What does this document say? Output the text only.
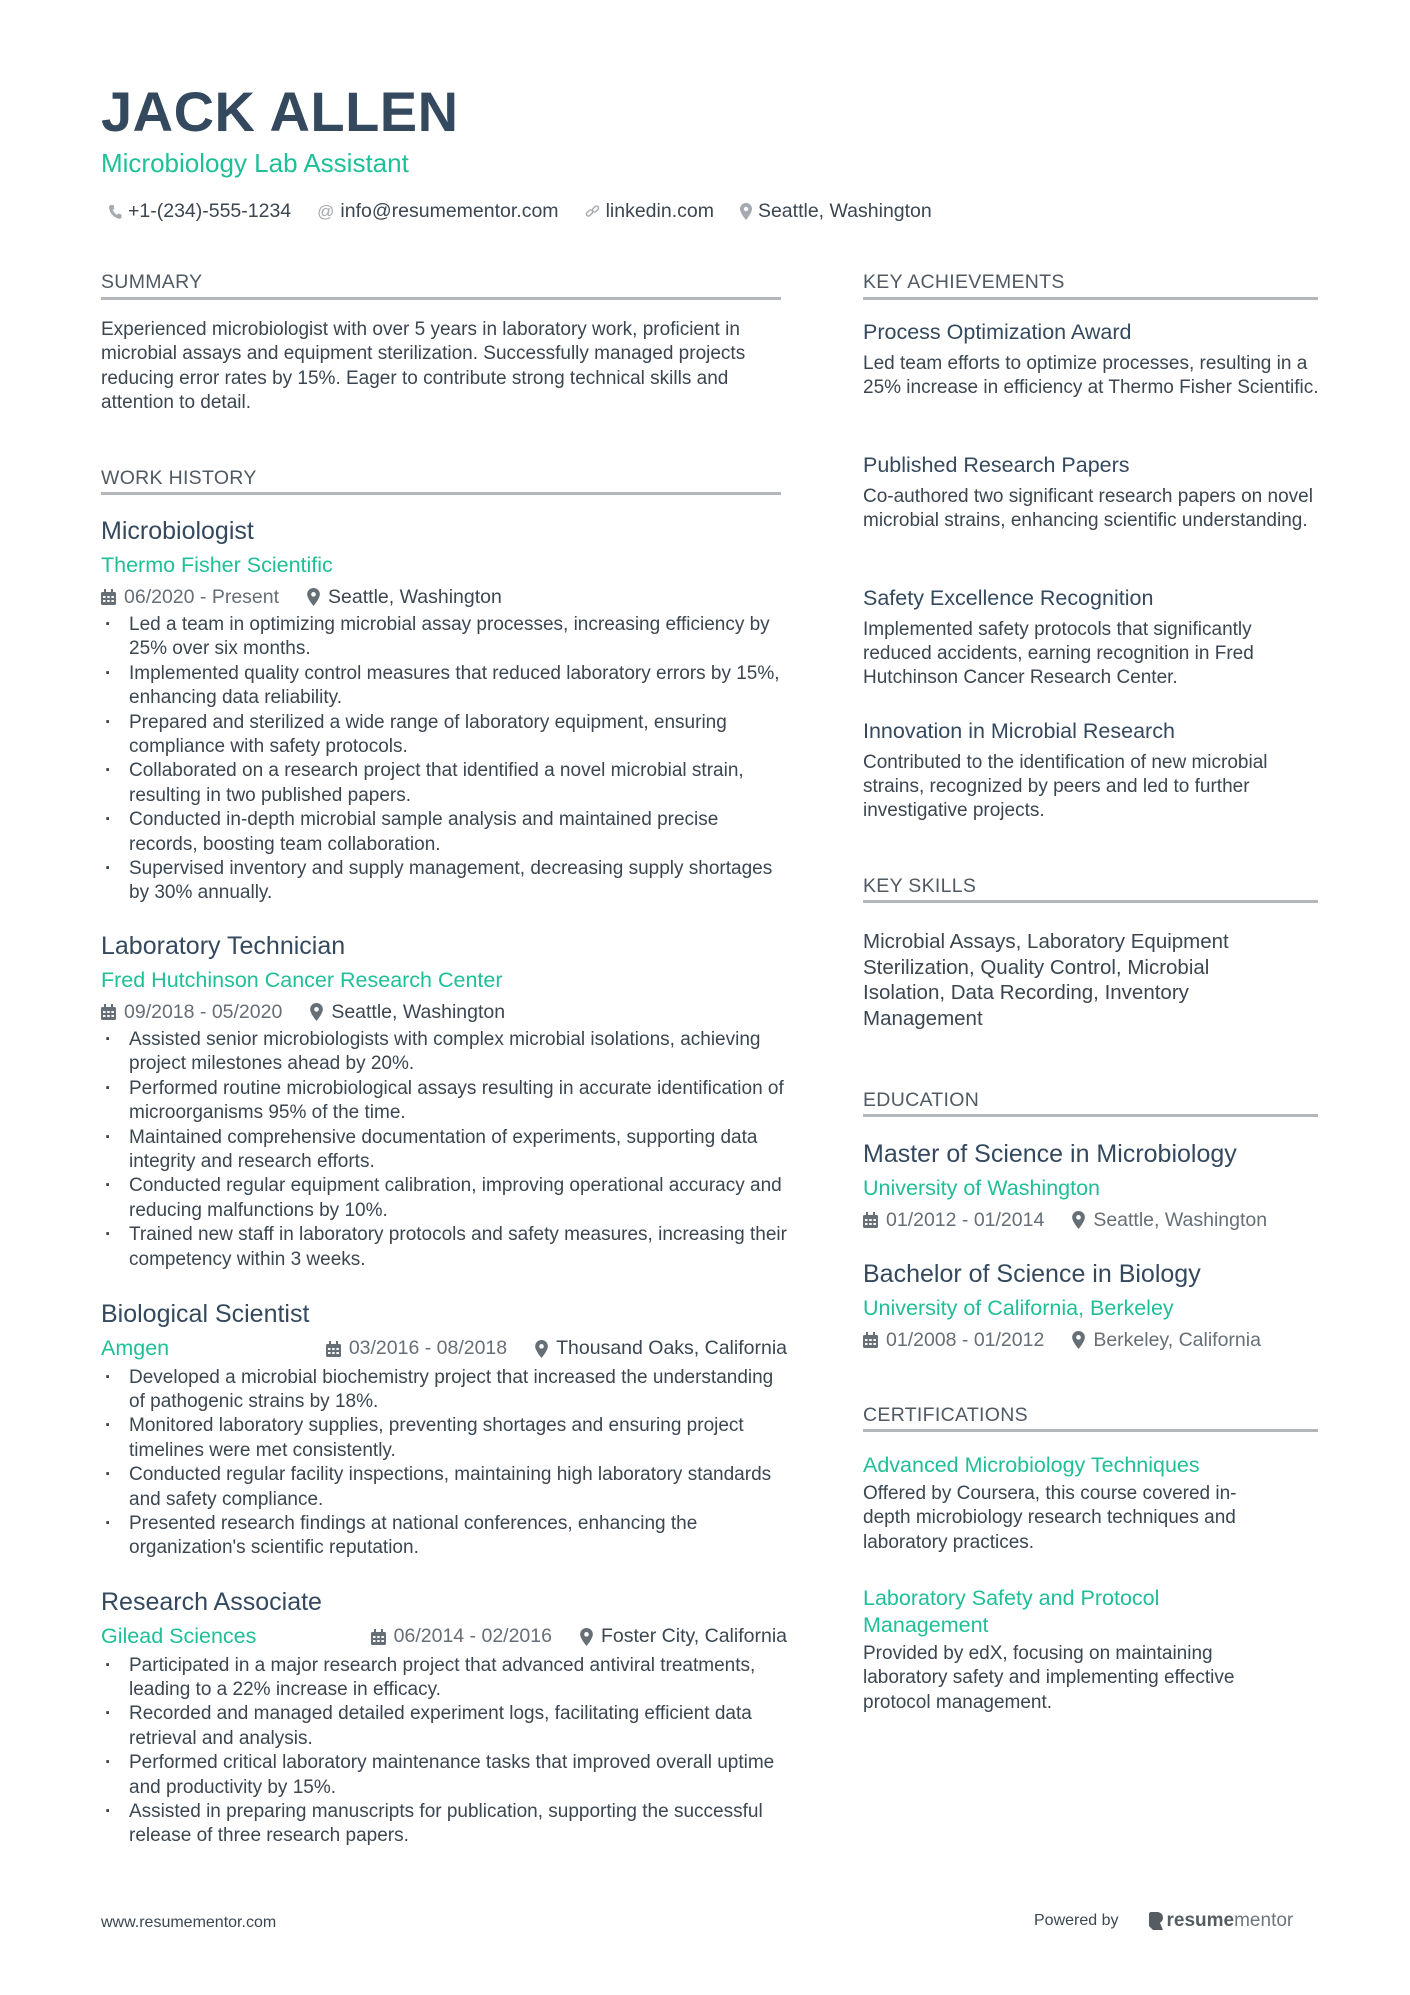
JACK ALLEN
Microbiology Lab Assistant
+1-(234)-555-1234 @ info@resumementor.com linkedin.com Seattle, Washington
SUMMARY
Experienced microbiologist with over 5 years in laboratory work, proficient in microbial assays and equipment sterilization. Successfully managed projects reducing error rates by 15%. Eager to contribute strong technical skills and attention to detail.
WORK HISTORY
Microbiologist
Thermo Fisher Scientific
06/2020 - Present	Seattle, Washington
· Led a team in optimizing microbial assay processes, increasing efficiency by 25% over six months.
· Implemented quality control measures that reduced laboratory errors by 15%, enhancing data reliability.
· Prepared and sterilized a wide range of laboratory equipment, ensuring compliance with safety protocols.
· Collaborated on a research project that identified a novel microbial strain, resulting in two published papers.
· Conducted in-depth microbial sample analysis and maintained precise records, boosting team collaboration.
· Supervised inventory and supply management, decreasing supply shortages by 30% annually.
Laboratory Technician
Fred Hutchinson Cancer Research Center
09/2018 - 05/2020	Seattle, Washington
· Assisted senior microbiologists with complex microbial isolations, achieving project milestones ahead by 20%.
· Performed routine microbiological assays resulting in accurate identification of microorganisms 95% of the time.
· Maintained comprehensive documentation of experiments, supporting data integrity and research efforts.
· Conducted regular equipment calibration, improving operational accuracy and reducing malfunctions by 10%.
· Trained new staff in laboratory protocols and safety measures, increasing their competency within 3 weeks.
Biological Scientist
Amgen	03/2016 - 08/2018	Thousand Oaks, California
· Developed a microbial biochemistry project that increased the understanding of pathogenic strains by 18%.
· Monitored laboratory supplies, preventing shortages and ensuring project timelines were met consistently.
· Conducted regular facility inspections, maintaining high laboratory standards and safety compliance.
· Presented research findings at national conferences, enhancing the organization's scientific reputation.
Research Associate
Gilead Sciences	06/2014 - 02/2016	Foster City, California
· Participated in a major research project that advanced antiviral treatments, leading to a 22% increase in efficacy.
· Recorded and managed detailed experiment logs, facilitating efficient data retrieval and analysis.
· Performed critical laboratory maintenance tasks that improved overall uptime and productivity by 15%.
· Assisted in preparing manuscripts for publication, supporting the successful release of three research papers.
KEY ACHIEVEMENTS
Process Optimization Award
Led team efforts to optimize processes, resulting in a 25% increase in efficiency at Thermo Fisher Scientific.
Published Research Papers
Co-authored two significant research papers on novel microbial strains, enhancing scientific understanding.
Safety Excellence Recognition
Implemented safety protocols that significantly reduced accidents, earning recognition in Fred Hutchinson Cancer Research Center.
Innovation in Microbial Research
Contributed to the identification of new microbial strains, recognized by peers and led to further investigative projects.
KEY SKILLS
Microbial Assays, Laboratory Equipment Sterilization, Quality Control, Microbial Isolation, Data Recording, Inventory Management
EDUCATION
Master of Science in Microbiology
University of Washington
01/2012 - 01/2014	Seattle, Washington
Bachelor of Science in Biology
University of California, Berkeley
01/2008 - 01/2012	Berkeley, California
CERTIFICATIONS
Advanced Microbiology Techniques
Offered by Coursera, this course covered in-depth microbiology research techniques and laboratory practices.
Laboratory Safety and Protocol Management
Provided by edX, focusing on maintaining laboratory safety and implementing effective protocol management.
www.resumementor.com	Powered by	resume mentor
